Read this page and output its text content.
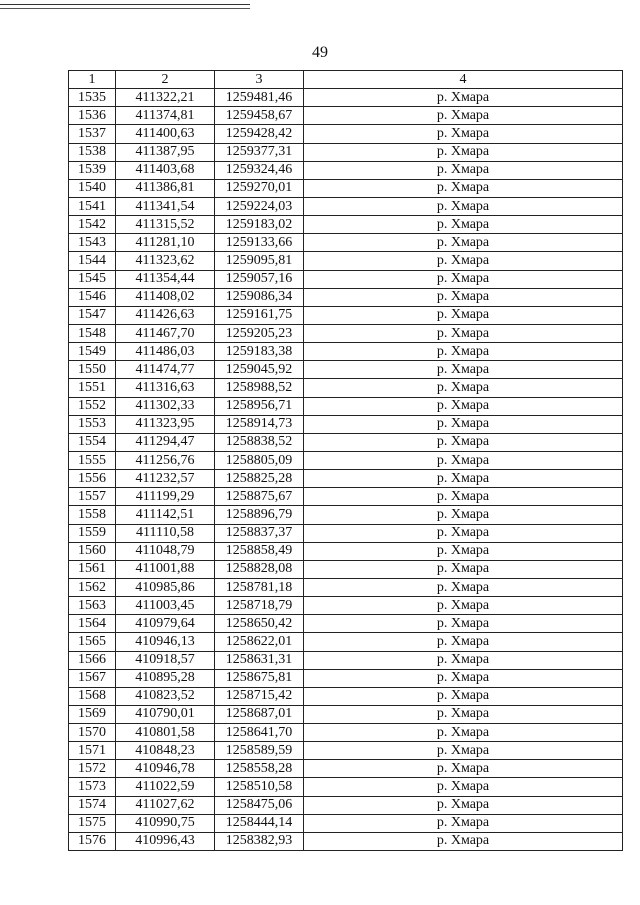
49
1	2	3	4
1535	411322,21	1259481,46	р. Хмара
1536	411374,81	1259458,67	р. Хмара
1537	411400,63	1259428,42	р. Хмара
1538	411387,95	1259377,31	р. Хмара
1539	411403,68	1259324,46	р. Хмара
1540	411386,81	1259270,01	р. Хмара
1541	411341,54	1259224,03	р. Хмара
1542	411315,52	1259183,02	р. Хмара
1543	411281,10	1259133,66	р. Хмара
1544	411323,62	1259095,81	р. Хмара
1545	411354,44	1259057,16	р. Хмара
1546	411408,02	1259086,34	р. Хмара
1547	411426,63	1259161,75	р. Хмара
1548	411467,70	1259205,23	р. Хмара
1549	411486,03	1259183,38	р. Хмара
1550	411474,77	1259045,92	р. Хмара
1551	411316,63	1258988,52	р. Хмара
1552	411302,33	1258956,71	р. Хмара
1553	411323,95	1258914,73	р. Хмара
1554	411294,47	1258838,52	р. Хмара
1555	411256,76	1258805,09	р. Хмара
1556	411232,57	1258825,28	р. Хмара
1557	411199,29	1258875,67	р. Хмара
1558	411142,51	1258896,79	р. Хмара
1559	411110,58	1258837,37	р. Хмара
1560	411048,79	1258858,49	р. Хмара
1561	411001,88	1258828,08	р. Хмара
1562	410985,86	1258781,18	р. Хмара
1563	411003,45	1258718,79	р. Хмара
1564	410979,64	1258650,42	р. Хмара
1565	410946,13	1258622,01	р. Хмара
1566	410918,57	1258631,31	р. Хмара
1567	410895,28	1258675,81	р. Хмара
1568	410823,52	1258715,42	р. Хмара
1569	410790,01	1258687,01	р. Хмара
1570	410801,58	1258641,70	р. Хмара
1571	410848,23	1258589,59	р. Хмара
1572	410946,78	1258558,28	р. Хмара
1573	411022,59	1258510,58	р. Хмара
1574	411027,62	1258475,06	р. Хмара
1575	410990,75	1258444,14	р. Хмара
1576	410996,43	1258382,93	р. Хмара
